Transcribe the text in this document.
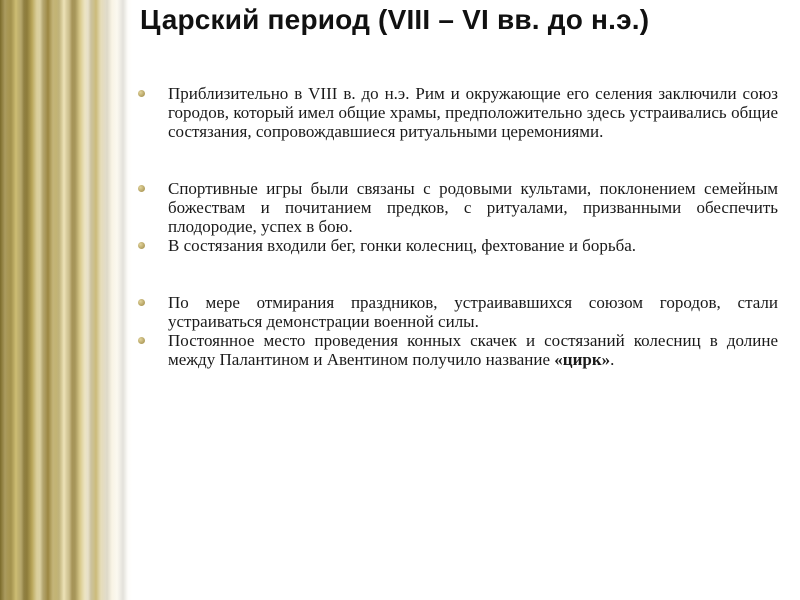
Царский период (VIII – VI вв. до н.э.)

Приблизительно в VIII в. до н.э. Рим и окружающие его селения заключили союз городов, который имел общие храмы, предположительно здесь устраивались общие состязания, сопровождавшиеся ритуальными церемониями.

Спортивные игры были связаны с родовыми культами, поклонением семейным божествам и почитанием предков, с ритуалами, призванными обеспечить плодородие, успех в бою.

В состязания входили бег, гонки колесниц, фехтование и борьба.

По мере отмирания праздников, устраивавшихся союзом городов, стали устраиваться демонстрации военной силы.

Постоянное место проведения конных скачек и состязаний колесниц в долине между Палантином и Авентином получило название «цирк».
